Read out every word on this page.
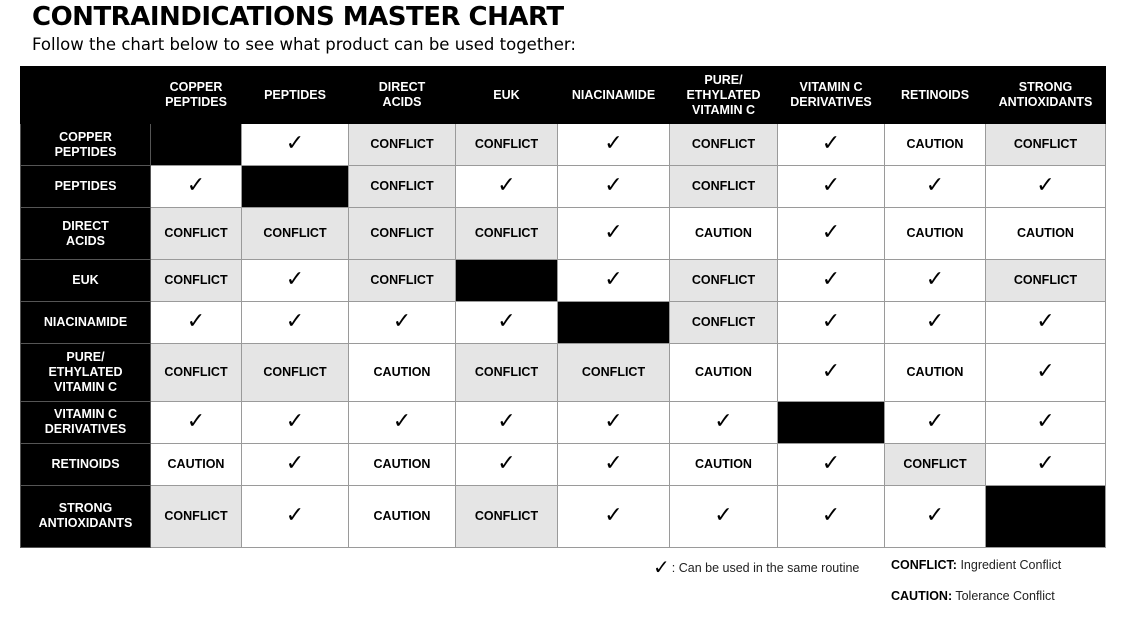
CONTRAINDICATIONS MASTER CHART

Follow the chart below to see what product can be used together:

	COPPER
PEPTIDES	PEPTIDES	DIRECT
ACIDS	EUK	NIACINAMIDE	PURE/
ETHYLATED
VITAMIN C	VITAMIN C
DERIVATIVES	RETINOIDS	STRONG
ANTIOXIDANTS
COPPER
PEPTIDES		✓	CONFLICT	CONFLICT	✓	CONFLICT	✓	CAUTION	CONFLICT
PEPTIDES	✓		CONFLICT	✓	✓	CONFLICT	✓	✓	✓
DIRECT
ACIDS	CONFLICT	CONFLICT	CONFLICT	CONFLICT	✓	CAUTION	✓	CAUTION	CAUTION
EUK	CONFLICT	✓	CONFLICT		✓	CONFLICT	✓	✓	CONFLICT
NIACINAMIDE	✓	✓	✓	✓		CONFLICT	✓	✓	✓
PURE/
ETHYLATED
VITAMIN C	CONFLICT	CONFLICT	CAUTION	CONFLICT	CONFLICT	CAUTION	✓	CAUTION	✓
VITAMIN C
DERIVATIVES	✓	✓	✓	✓	✓	✓		✓	✓
RETINOIDS	CAUTION	✓	CAUTION	✓	✓	CAUTION	✓	CONFLICT	✓
STRONG
ANTIOXIDANTS	CONFLICT	✓	CAUTION	CONFLICT	✓	✓	✓	✓	
✓ : Can be used in the same routine	CONFLICT: Ingredient Conflict
CAUTION: Tolerance Conflict
